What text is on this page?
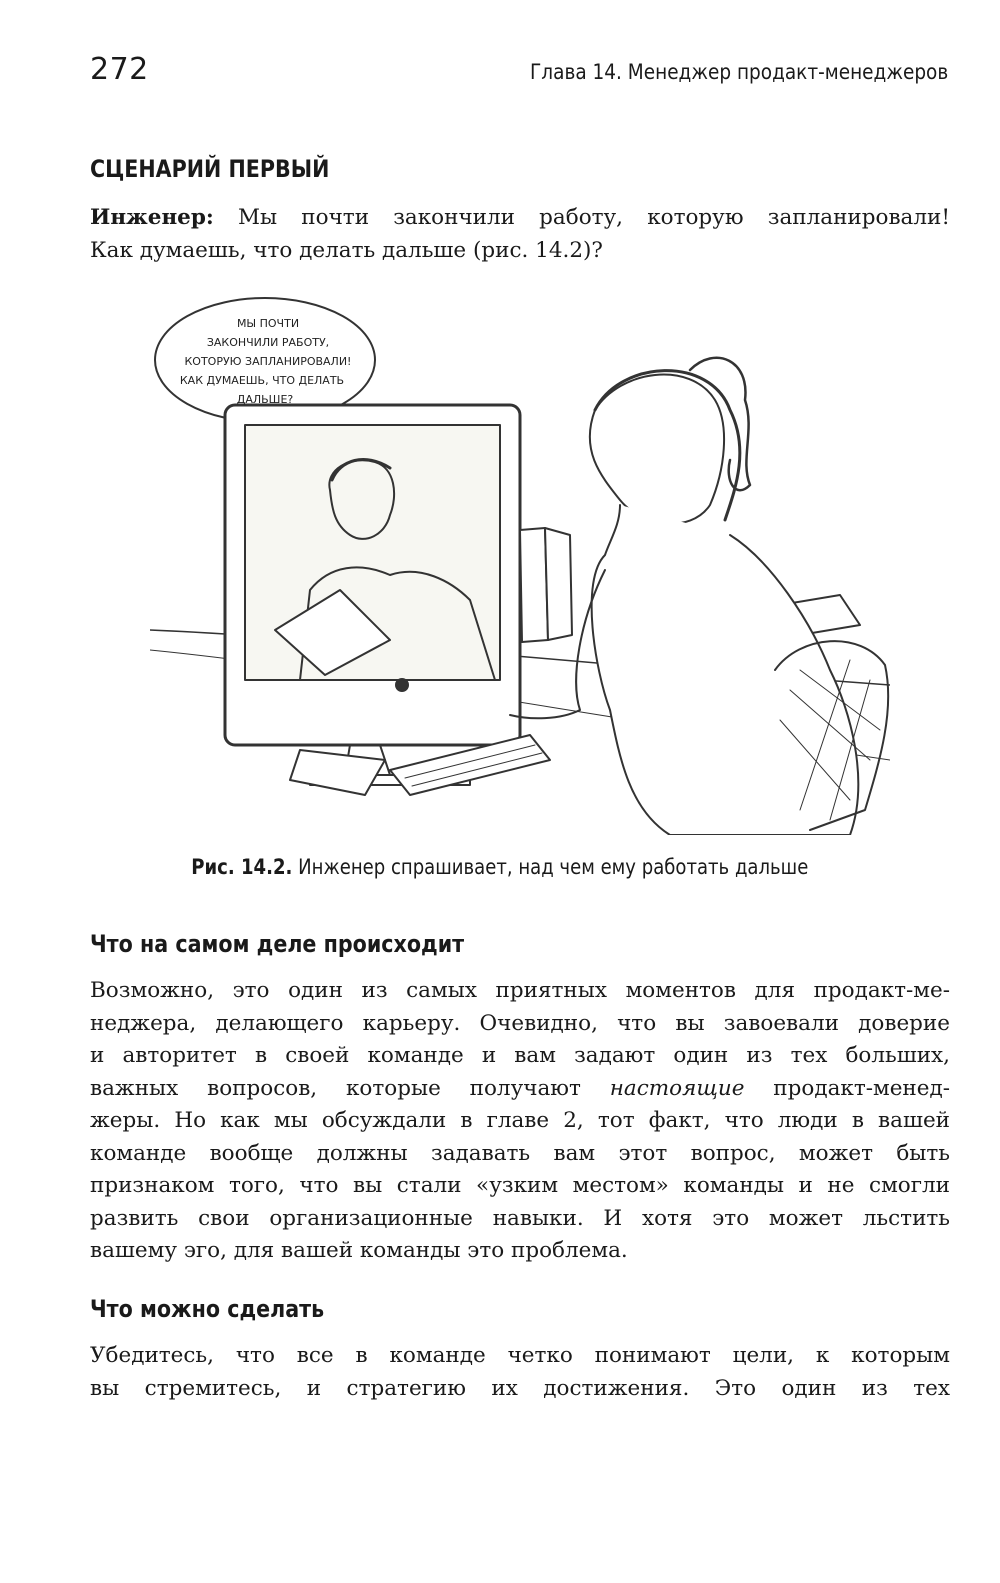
272	Глава 14. Менеджер продакт-менеджеров
СЦЕНАРИЙ ПЕРВЫЙ
Инженер: Мы почти закончили работу, которую запланировали!
Как думаешь, что делать дальше (рис. 14.2)?
МЫ ПОЧТИ
ЗАКОНЧИЛИ РАБОТУ,
КОТОРУЮ ЗАПЛАНИРОВАЛИ!
КАК ДУМАЕШЬ, ЧТО ДЕЛАТЬ
ДАЛЬШЕ?
Рис. 14.2. Инженер спрашивает, над чем ему работать дальше
Что на самом деле происходит
Возможно, это один из самых приятных моментов для продакт-ме-
неджера, делающего карьеру. Очевидно, что вы завоевали доверие
и авторитет в своей команде и вам задают один из тех больших,
важных вопросов, которые получают настоящие продакт-менед-
жеры. Но как мы обсуждали в главе 2, тот факт, что люди в вашей
команде вообще должны задавать вам этот вопрос, может быть
признаком того, что вы стали «узким местом» команды и не смогли
развить свои организационные навыки. И хотя это может льстить
вашему эго, для вашей команды это проблема.
Что можно сделать
Убедитесь, что все в команде четко понимают цели, к которым
вы стремитесь, и стратегию их достижения. Это один из тех
